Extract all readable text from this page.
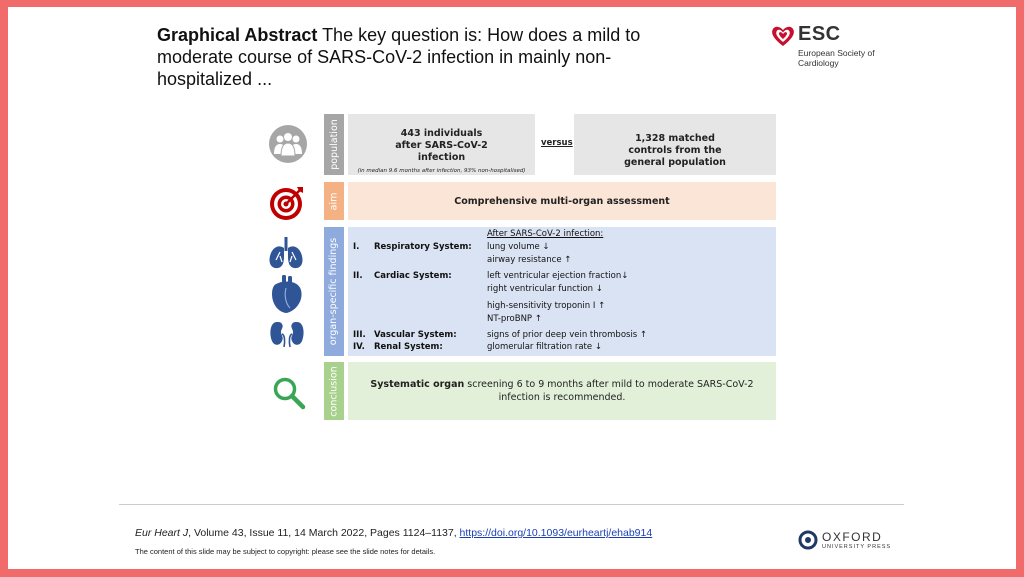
Graphical Abstract The key question is: How does a mild to moderate course of SARS-CoV-2 infection in mainly non-hospitalized ...
ESC
European Society of Cardiology
population	443 individuals after SARS-CoV-2 infection
(in median 9.6 months after infection, 93% non-hospitalised)
versus	1,328 matched controls from the general population
aim	Comprehensive multi-organ assessment
organ-specific findings
After SARS-CoV-2 infection:
I. Respiratory System: lung volume ↓
airway resistance ↑
II. Cardiac System:	left ventricular ejection fraction↓
right ventricular function ↓
high-sensitivity troponin I ↑
NT-proBNP ↑
III. Vascular System:	signs of prior deep vein thrombosis ↑
IV. Renal System:	glomerular filtration rate ↓
conclusion	Systematic organ screening 6 to 9 months after mild to moderate SARS-CoV-2 infection is recommended.
Eur Heart J, Volume 43, Issue 11, 14 March 2022, Pages 1124–1137, https://doi.org/10.1093/eurheartj/ehab914
The content of this slide may be subject to copyright: please see the slide notes for details.
OXFORD
UNIVERSITY PRESS
